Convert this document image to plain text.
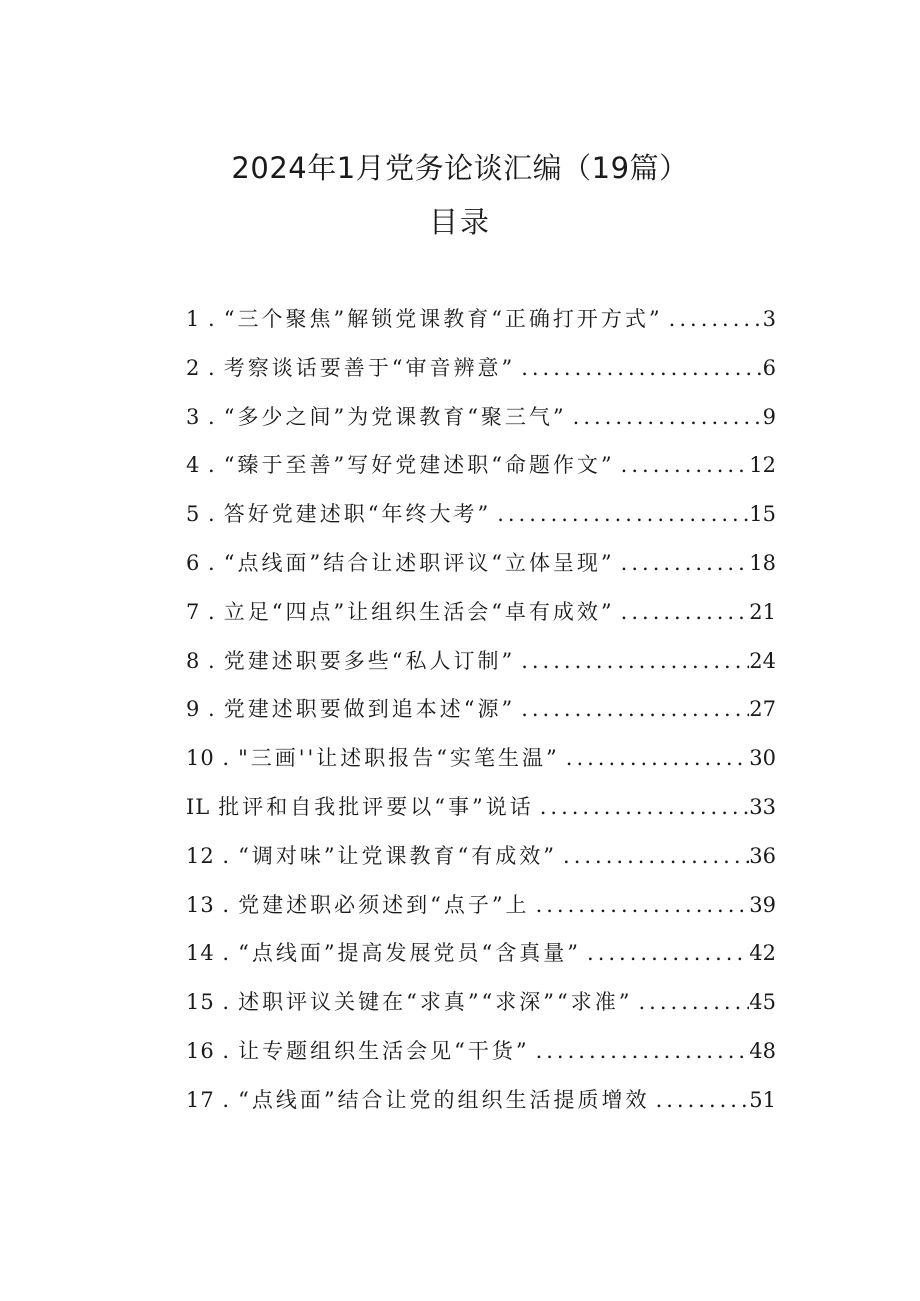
2024年1月党务论谈汇编（19篇）
目录
1 . “三个聚焦”解锁党课教育“正确打开方式” .....	3
2 . 考察谈话要善于“审音辨意” .....	6
3 . “多少之间”为党课教育“聚三气” .....	9
4 . “臻于至善”写好党建述职“命题作文” .....	12
5 . 答好党建述职“年终大考” .....	15
6 . “点线面”结合让述职评议“立体呈现” .....	18
7 . 立足“四点”让组织生活会“卓有成效” .....	21
8 . 党建述职要多些“私人订制” .....	24
9 . 党建述职要做到追本述“源” .....	27
10 . "三画''让述职报告“实笔生温” .....	30
IL 批评和自我批评要以“事”说话 .....	33
12 . “调对味”让党课教育“有成效” .....	36
13 . 党建述职必须述到“点子”上 .....	39
14 . “点线面”提高发展党员“含真量” .....	42
15 . 述职评议关键在“求真”“求深”“求准” .....	45
16 . 让专题组织生活会见“干货” .....	48
17 . “点线面”结合让党的组织生活提质增效 .....	51
